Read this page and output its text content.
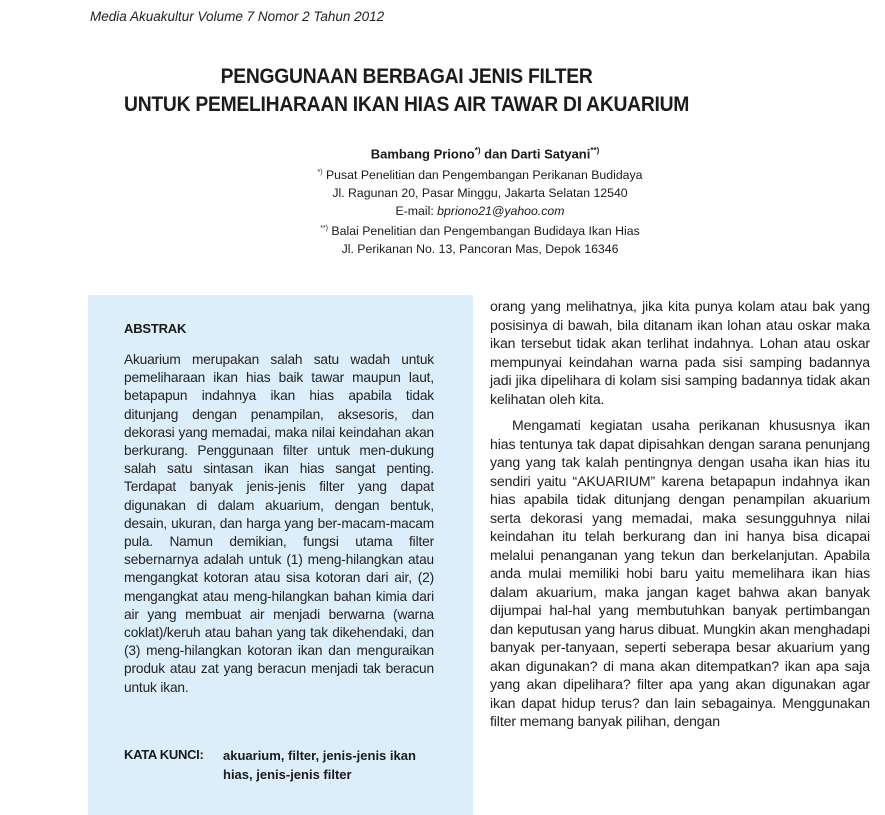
Media Akuakultur Volume 7 Nomor 2 Tahun 2012
PENGGUNAAN BERBAGAI JENIS FILTER
UNTUK PEMELIHARAAN IKAN HIAS AIR TAWAR DI AKUARIUM
Bambang Priono*) dan Darti Satyani**)
*) Pusat Penelitian dan Pengembangan Perikanan Budidaya
Jl. Ragunan 20, Pasar Minggu, Jakarta Selatan 12540
E-mail: bpriono21@yahoo.com
**) Balai Penelitian dan Pengembangan Budidaya Ikan Hias
Jl. Perikanan No. 13, Pancoran Mas, Depok 16346
ABSTRAK
Akuarium merupakan salah satu wadah untuk pemeliharaan ikan hias baik tawar maupun laut, betapapun indahnya ikan hias apabila tidak ditunjang dengan penampilan, aksesoris, dan dekorasi yang memadai, maka nilai keindahan akan berkurang. Penggunaan filter untuk men-dukung salah satu sintasan ikan hias sangat penting. Terdapat banyak jenis-jenis filter yang dapat digunakan di dalam akuarium, dengan bentuk, desain, ukuran, dan harga yang ber-macam-macam pula. Namun demikian, fungsi utama filter sebernarnya adalah untuk (1) meng-hilangkan atau mengangkat kotoran atau sisa kotoran dari air, (2) mengangkat atau meng-hilangkan bahan kimia dari air yang membuat air menjadi berwarna (warna coklat)/keruh atau bahan yang tak dikehendaki, dan (3) meng-hilangkan kotoran ikan dan menguraikan produk atau zat yang beracun menjadi tak beracun untuk ikan.
KATA KUNCI: akuarium, filter, jenis-jenis ikan hias, jenis-jenis filter

orang yang melihatnya, jika kita punya kolam atau bak yang posisinya di bawah, bila ditanam ikan lohan atau oskar maka ikan tersebut tidak akan terlihat indahnya. Lohan atau oskar mempunyai keindahan warna pada sisi samping badannya jadi jika dipelihara di kolam sisi samping badannya tidak akan kelihatan oleh kita.

Mengamati kegiatan usaha perikanan khususnya ikan hias tentunya tak dapat dipisahkan dengan sarana penunjang yang yang tak kalah pentingnya dengan usaha ikan hias itu sendiri yaitu “AKUARIUM” karena betapapun indahnya ikan hias apabila tidak ditunjang dengan penampilan akuarium serta dekorasi yang memadai, maka sesungguhnya nilai keindahan itu telah berkurang dan ini hanya bisa dicapai melalui penanganan yang tekun dan berkelanjutan. Apabila anda mulai memiliki hobi baru yaitu memelihara ikan hias dalam akuarium, maka jangan kaget bahwa akan banyak dijumpai hal-hal yang membutuhkan banyak pertimbangan dan keputusan yang harus dibuat. Mungkin akan menghadapi banyak per-tanyaan, seperti seberapa besar akuarium yang akan digunakan? di mana akan ditempatkan? ikan apa saja yang akan dipelihara? filter apa yang akan digunakan agar ikan dapat hidup terus? dan lain sebagainya. Menggunakan filter memang banyak pilihan, dengan
